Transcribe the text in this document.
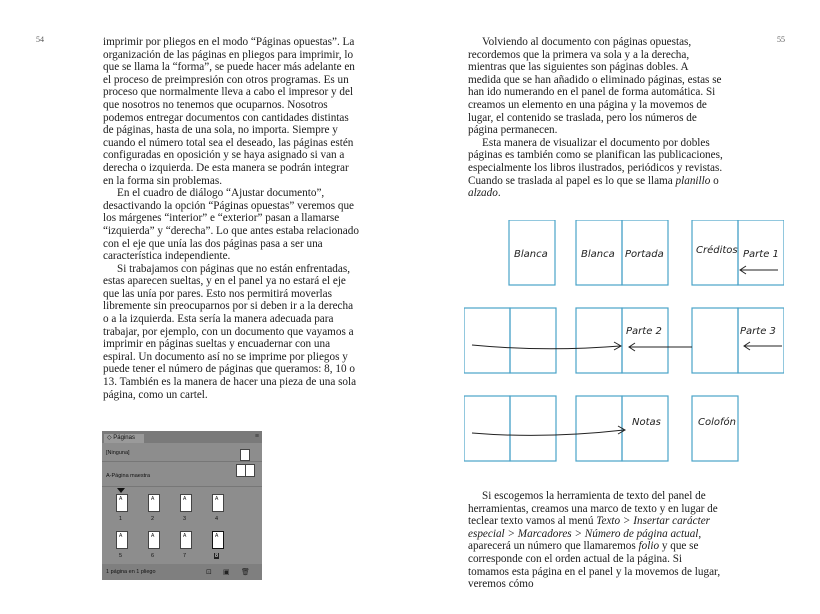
54	imprimir por pliegos en el modo “Páginas opuestas”. La organización de las páginas en pliegos para imprimir, lo que se llama la “forma”, se puede hacer más adelante en el proceso de preimpresión con otros programas. Es un proceso que normalmente lleva a cabo el impresor y del que nosotros no tenemos que ocuparnos. Nosotros podemos entregar documentos con cantidades distintas de páginas, hasta de una sola, no importa. Siempre y cuando el número total sea el deseado, las páginas estén configuradas en oposición y se haya asignado si van a derecha o izquierda. De esta manera se podrán integrar en la forma sin problemas.

En el cuadro de diálogo “Ajustar documento”, desactivando la opción “Páginas opuestas” veremos que los márgenes “interior” e “exterior” pasan a llamarse “izquierda” y “derecha”. Lo que antes estaba relacionado con el eje que unía las dos páginas pasa a ser una característica independiente.

Si trabajamos con páginas que no están enfrentadas, estas aparecen sueltas, y en el panel ya no estará el eje que las unía por pares. Esto nos permitirá moverlas libremente sin preocuparnos por si deben ir a la derecha o a la izquierda. Esta sería la manera adecuada para trabajar, por ejemplo, con un documento que vayamos a imprimir en páginas sueltas y encuadernar con una espiral. Un documento así no se imprime por pliegos y puede tener el número de páginas que queramos: 8, 10 o 13. También es la manera de hacer una pieza de una sola página, como un cartel.

◇ Páginas	≡
[Ninguna]
A-Página maestra
A	A	A	A
1	2	3	4
A	A	A	A
5	6	7	8
1 página en 1 pliego	⊡ ▣ 🗑
55

Volviendo al documento con páginas opuestas, recordemos que la primera va sola y a la derecha, mientras que las siguientes son páginas dobles. A medida que se han añadido o eliminado páginas, estas se han ido numerando en el panel de forma automática. Si creamos un elemento en una página y la movemos de lugar, el contenido se traslada, pero los números de página permanecen.

Esta manera de visualizar el documento por dobles páginas es también como se planifican las publicaciones, especialmente los libros ilustrados, periódicos y revistas. Cuando se traslada al papel es lo que se llama planillo o alzado.

Blanca	Blanca Portada	Créditos Parte 1
Parte 2	Parte 3
Notas	Colofón

Si escogemos la herramienta de texto del panel de herramientas, creamos una marco de texto y en lugar de teclear texto vamos al menú Texto > Insertar carácter especial > Marcadores > Número de página actual, aparecerá un número que llamaremos folio y que se corresponde con el orden actual de la página. Si tomamos esta página en el panel y la movemos de lugar, veremos cómo
